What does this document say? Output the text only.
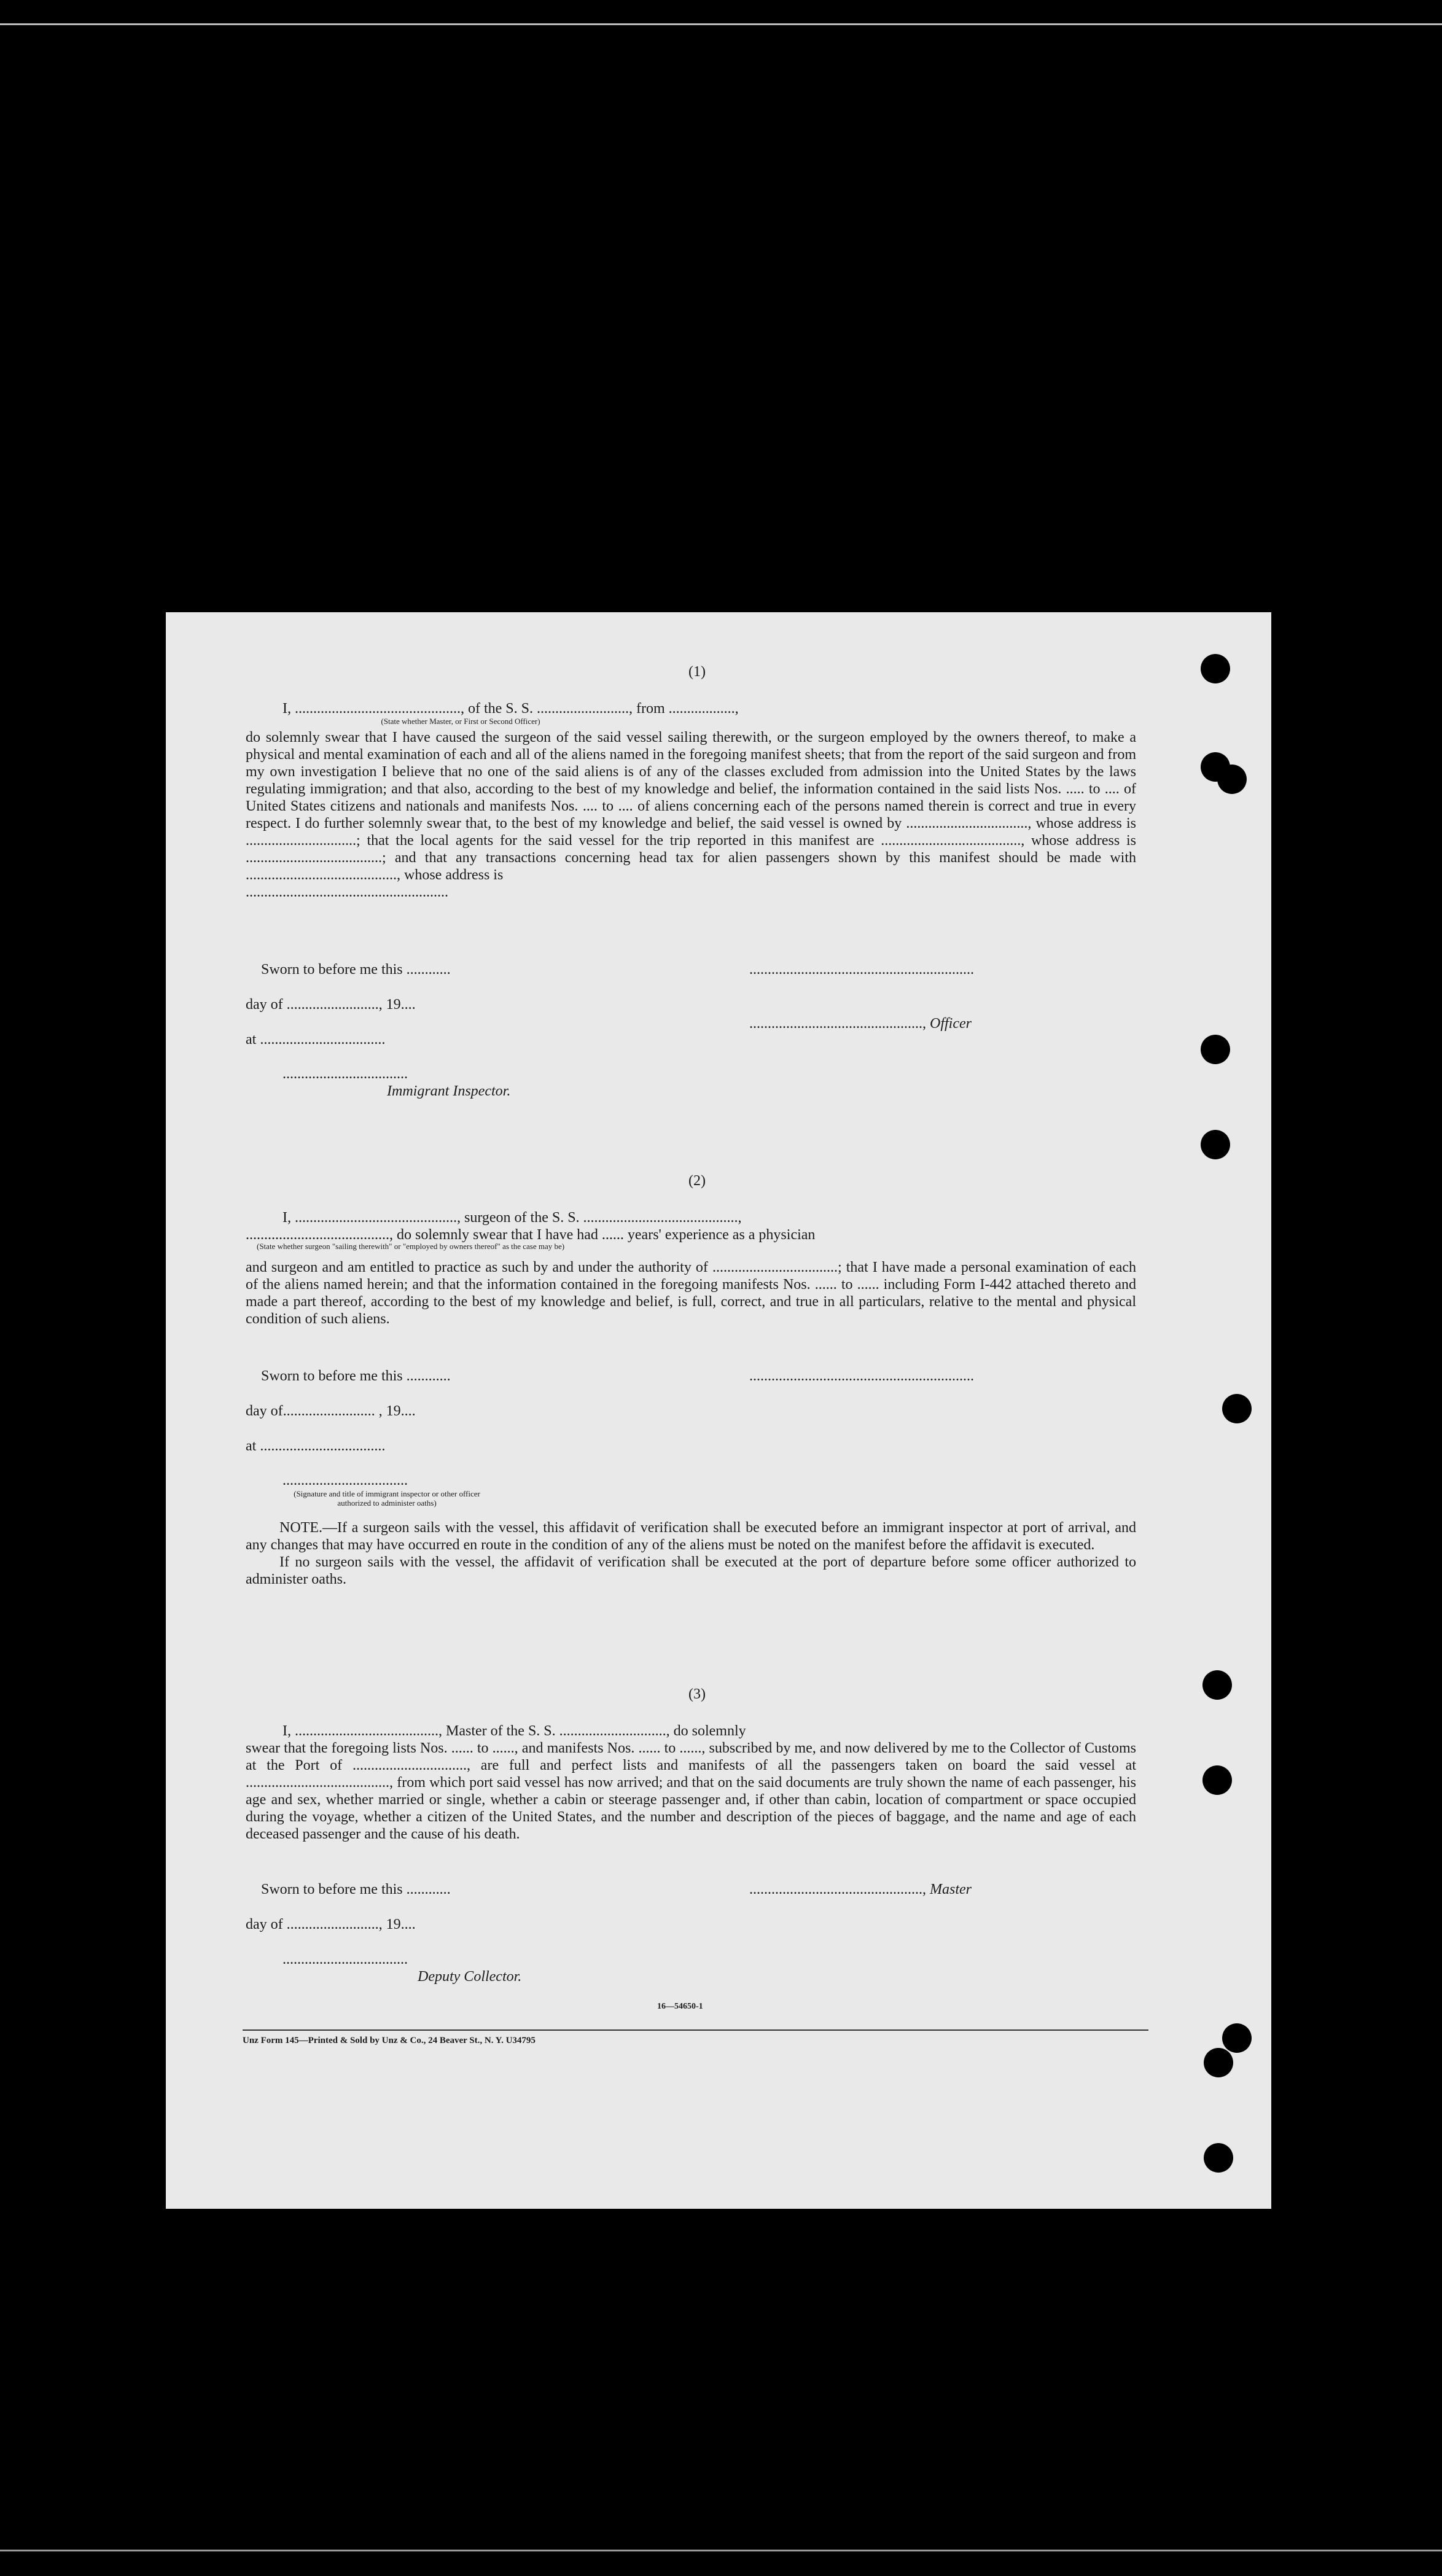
(1)
I, ............................................., of the S. S. ........................., from ..................,
(State whether Master, or First or Second Officer)

do solemnly swear that I have caused the surgeon of the said vessel sailing therewith, or the surgeon employed by the owners thereof, to make a physical and mental examination of each and all of the aliens named in the foregoing manifest sheets; that from the report of the said surgeon and from my own investigation I believe that no one of the said aliens is of any of the classes excluded from admission into the United States by the laws regulating immigration; and that also, according to the best of my knowledge and belief, the information contained in the said lists Nos. ..... to .... of United States citizens and nationals and manifests Nos. .... to .... of aliens concerning each of the persons named therein is correct and true in every respect. I do further solemnly swear that, to the best of my knowledge and belief, the said vessel is owned by ................................., whose address is ..............................; that the local agents for the said vessel for the trip reported in this manifest are ......................................, whose address is .....................................; and that any transactions concerning head tax for alien passengers shown by this manifest should be made with ........................................., whose address is

.......................................................
Sworn to before me this ............
day of ........................., 19....
at ..................................
..................................
Immigrant Inspector.
.............................................................
..............................................., Officer
(2)
I, ............................................, surgeon of the S. S. ..........................................,
......................................., do solemnly swear that I have had ...... years' experience as a physician
(State whether surgeon "sailing therewith" or "employed by owners thereof" as the case may be)

and surgeon and am entitled to practice as such by and under the authority of ..................................; that I have made a personal examination of each of the aliens named herein; and that the information contained in the foregoing manifests Nos. ...... to ...... including Form I-442 attached thereto and made a part thereof, according to the best of my knowledge and belief, is full, correct, and true in all particulars, relative to the mental and physical condition of such aliens.

Sworn to before me this ............
day of......................... , 19....
at ..................................
..................................
(Signature and title of immigrant inspector or other officer authorized to administer oaths)
.............................................................

NOTE.—If a surgeon sails with the vessel, this affidavit of verification shall be executed before an immigrant inspector at port of arrival, and any changes that may have occurred en route in the condition of any of the aliens must be noted on the manifest before the affidavit is executed.

If no surgeon sails with the vessel, the affidavit of verification shall be executed at the port of departure before some officer authorized to administer oaths.

(3)
I, ......................................., Master of the S. S. ............................., do solemnly

swear that the foregoing lists Nos. ...... to ......, and manifests Nos. ...... to ......, subscribed by me, and now delivered by me to the Collector of Customs at the Port of ..............................., are full and perfect lists and manifests of all the passengers taken on board the said vessel at ......................................., from which port said vessel has now arrived; and that on the said documents are truly shown the name of each passenger, his age and sex, whether married or single, whether a cabin or steerage passenger and, if other than cabin, location of compartment or space occupied during the voyage, whether a citizen of the United States, and the number and description of the pieces of baggage, and the name and age of each deceased passenger and the cause of his death.

Sworn to before me this ............
day of ........................., 19....
..................................
Deputy Collector.
..............................................., Master
16—54650-1
Unz Form 145—Printed & Sold by Unz & Co., 24 Beaver St., N. Y. U34795
